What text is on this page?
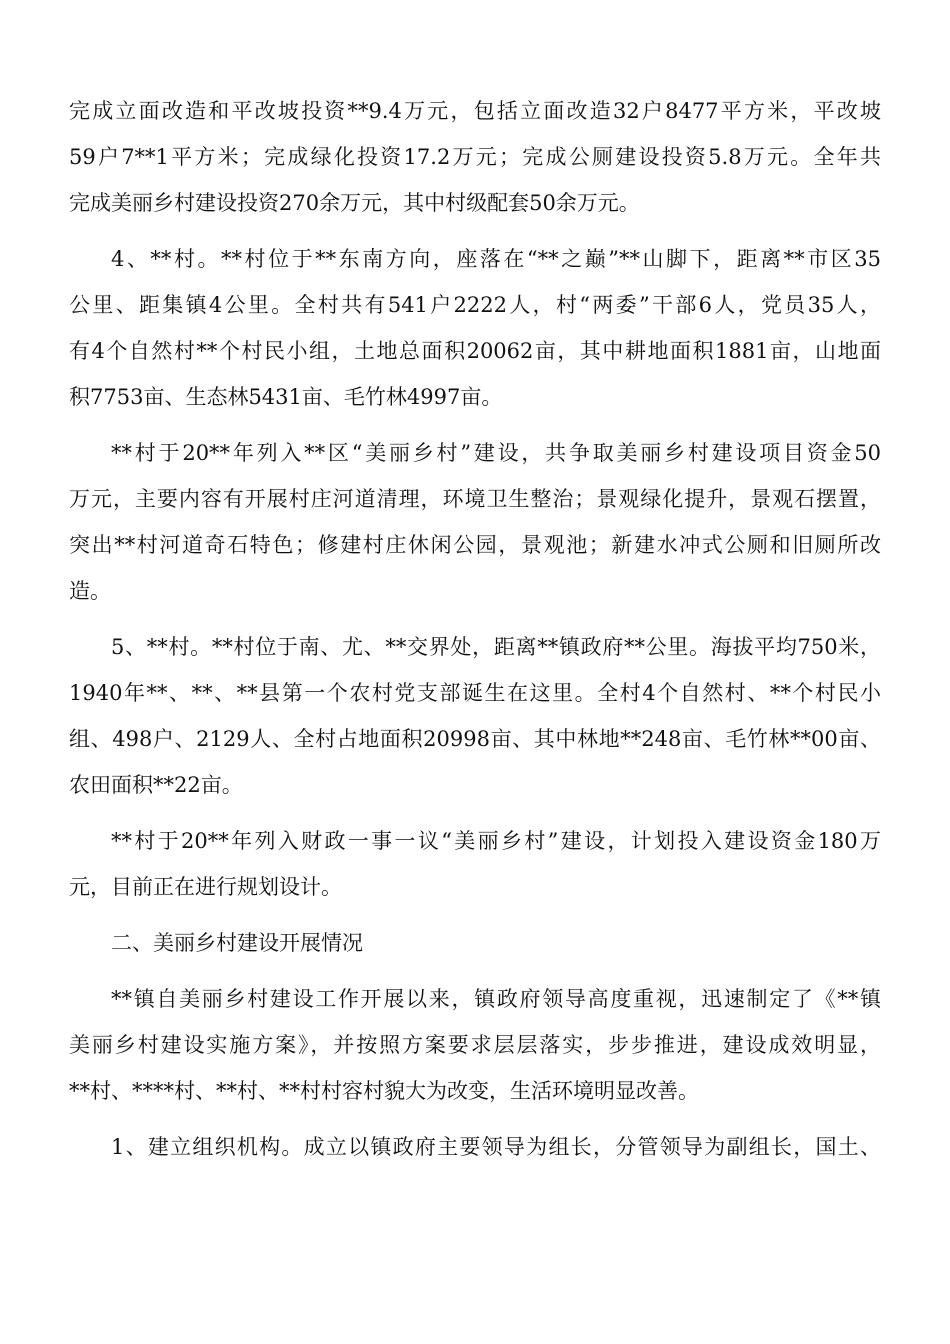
完成立面改造和平改坡投资**9.4万元，包括立面改造32户8477平方米，平改坡
59户7**1平方米；完成绿化投资17.2万元；完成公厕建设投资5.8万元。全年共
完成美丽乡村建设投资270余万元，其中村级配套50余万元。
4、**村。**村位于**东南方向，座落在“**之巅”**山脚下，距离**市区35
公里、距集镇4公里。全村共有541户2222人，村“两委”干部6人，党员35人，
有4个自然村**个村民小组，土地总面积20062亩，其中耕地面积1881亩，山地面
积7753亩、生态林5431亩、毛竹林4997亩。
**村于20**年列入**区“美丽乡村”建设，共争取美丽乡村建设项目资金50
万元，主要内容有开展村庄河道清理，环境卫生整治；景观绿化提升，景观石摆置，
突出**村河道奇石特色；修建村庄休闲公园，景观池；新建水冲式公厕和旧厕所改
造。
5、**村。**村位于南、尤、**交界处，距离**镇政府**公里。海拔平均750米，
1940年**、**、**县第一个农村党支部诞生在这里。全村4个自然村、**个村民小
组、498户、2129人、全村占地面积20998亩、其中林地**248亩、毛竹林**00亩、
农田面积**22亩。
**村于20**年列入财政一事一议“美丽乡村”建设，计划投入建设资金180万
元，目前正在进行规划设计。
二、美丽乡村建设开展情况
**镇自美丽乡村建设工作开展以来，镇政府领导高度重视，迅速制定了《**镇
美丽乡村建设实施方案》，并按照方案要求层层落实，步步推进，建设成效明显，
**村、****村、**村、**村村容村貌大为改变，生活环境明显改善。
1、建立组织机构。成立以镇政府主要领导为组长，分管领导为副组长，国土、
